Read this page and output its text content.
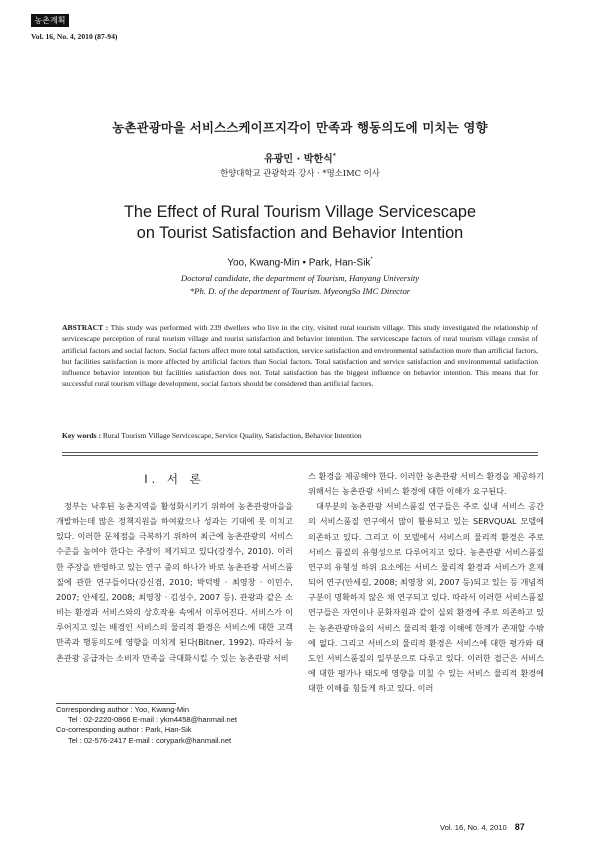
농촌계획
Vol. 16, No. 4, 2010 (87-94)
농촌관광마을 서비스스케이프지각이 만족과 행동의도에 미치는 영향
유광민 · 박한식*
한양대학교 관광학과 강사 · *명소IMC 이사
The Effect of Rural Tourism Village Servicescape
on Tourist Satisfaction and Behavior Intention
Yoo, Kwang-Min • Park, Han-Sik*
Doctoral candidate, the department of Tourism, Hanyang University
*Ph. D. of the department of Tourism. MyeongSo IMC Director
ABSTRACT : This study was performed with 239 dwellers who live in the city, visited rural tourism village. This study investigated the relationship of servicescape perception of rural tourism village and tourist satisfaction and behavior intention. The servicescape factors of rural tourism village consist of artificial factors and social factors. Social factors affect more total satisfaction, service satisfaction and environmental satisfaction more than artificial factors, but facilities satisfaction is more affected by artificial factors than Social factors. Total satisfaction and service satisfaction and environmental satisfaction influence behavior intention but facilities satisfaction does not. Total satisfaction has the biggest influence on behavior intention. This means that for successful rural tourism village development, social factors should be considered than artificial factors.
Key words : Rural Tourism Village Servicescape, Service Quality, Satisfaction, Behavior Intention
I. 서 론

정부는 낙후된 농촌지역을 활성화시키기 위하여 농촌관광마을을 개발하는데 많은 정책지원을 하여왔으나 성과는 기대에 못 미치고 있다. 이러한 문제점을 극복하기 위하여 최근에 농촌관광의 서비스 수준을 높여야 한다는 주장이 제기되고 있다(강경수, 2010). 이러한 주장을 반영하고 있는 연구 중의 하나가 바로 농촌관광 서비스품질에 관한 연구들이다(강신겸, 2010; 박덕병 · 최영창 · 이민수, 2007; 안세길, 2008; 최영창 · 김성수, 2007 등). 관광과 같은 소비는 환경과 서비스와의 상호작용 속에서 이루어진다. 서비스가 이루어지고 있는 배경인 서비스의 물리적 환경은 서비스에 대한 고객 만족과 행동의도에 영향을 미치게 된다(Bitner, 1992). 따라서 농촌관광 공급자는 소비자 만족을 극대화시킬 수 있는 농촌관광 서비

스 환경을 제공해야 한다. 이러한 농촌관광 서비스 환경을 제공하기 위해서는 농촌관광 서비스 환경에 대한 이해가 요구된다.

대부분의 농촌관광 서비스품질 연구들은 주로 실내 서비스 공간의 서비스품질 연구에서 많이 활용되고 있는 SERVQUAL 모델에 의존하고 있다. 그리고 이 모델에서 서비스의 물리적 환경은 주로 서비스 품질의 유형성으로 다루어지고 있다. 농촌관광 서비스품질 연구의 유형성 하위 요소에는 서비스 물리적 환경과 서비스가 혼재되어 연구(안세길, 2008; 최영창 외, 2007 등)되고 있는 등 개념적 구분이 명확하지 않은 채 연구되고 있다. 따라서 이러한 서비스품질 연구들은 자연이나 문화자원과 같이 실외 환경에 주로 의존하고 있는 농촌관광마을의 서비스 물리적 환경 이해에 한계가 존재할 수밖에 없다. 그리고 서비스의 물리적 환경은 서비스에 대한 평가와 태도인 서비스품질의 일부분으로 다루고 있다. 이러한 접근은 서비스에 대한 평가나 태도에 영향을 미칠 수 있는 서비스 물리적 환경에 대한 이해를 힘들게 하고 있다. 이러

Corresponding author : Yoo, Kwang-Min
Tel : 02-2220-0866 E-mail : ykm4458@hanmail.net
Co-corresponding author : Park, Han-Sik
Tel : 02-576-2417 E-mail : corypark@hanmail.net
Vol. 16, No. 4, 2010 87
